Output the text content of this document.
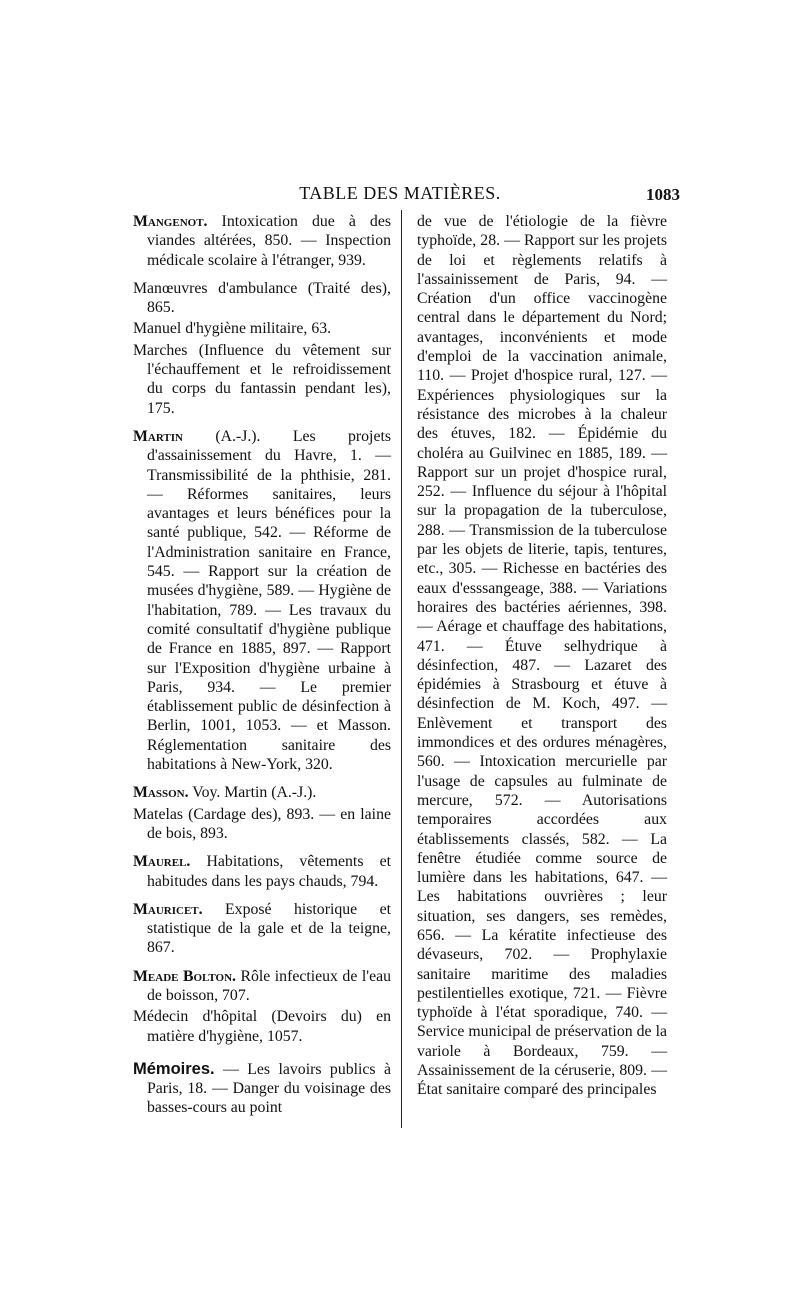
TABLE DES MATIÈRES.	1083

Mangenot. Intoxication due à des viandes altérées, 850. — Inspection médicale scolaire à l'étranger, 939.

Manœuvres d'ambulance (Traité des), 865.

Manuel d'hygiène militaire, 63.

Marches (Influence du vêtement sur l'échauffement et le refroidissement du corps du fantassin pendant les), 175.

Martin (A.-J.). Les projets d'assainissement du Havre, 1. — Transmissibilité de la phthisie, 281. — Réformes sanitaires, leurs avantages et leurs bénéfices pour la santé publique, 542. — Réforme de l'Administration sanitaire en France, 545. — Rapport sur la création de musées d'hygiène, 589. — Hygiène de l'habitation, 789. — Les travaux du comité consultatif d'hygiène publique de France en 1885, 897. — Rapport sur l'Exposition d'hygiène urbaine à Paris, 934. — Le premier établissement public de désinfection à Berlin, 1001, 1053. — et Masson. Réglementation sanitaire des habitations à New-York, 320.

Masson. Voy. Martin (A.-J.).

Matelas (Cardage des), 893. — en laine de bois, 893.

Maurel. Habitations, vêtements et habitudes dans les pays chauds, 794.

Mauricet. Exposé historique et statistique de la gale et de la teigne, 867.

Meade Bolton. Rôle infectieux de l'eau de boisson, 707.

Médecin d'hôpital (Devoirs du) en matière d'hygiène, 1057.

Mémoires. — Les lavoirs publics à Paris, 18. — Danger du voisinage des basses-cours au point

de vue de l'étiologie de la fièvre typhoïde, 28. — Rapport sur les projets de loi et règlements relatifs à l'assainissement de Paris, 94. — Création d'un office vaccinogène central dans le département du Nord; avantages, inconvénients et mode d'emploi de la vaccination animale, 110. — Projet d'hospice rural, 127. — Expériences physiologiques sur la résistance des microbes à la chaleur des étuves, 182. — Épidémie du choléra au Guilvinec en 1885, 189. — Rapport sur un projet d'hospice rural, 252. — Influence du séjour à l'hôpital sur la propagation de la tuberculose, 288. — Transmission de la tuberculose par les objets de literie, tapis, tentures, etc., 305. — Richesse en bactéries des eaux d'esssangeage, 388. — Variations horaires des bactéries aériennes, 398. — Aérage et chauffage des habitations, 471. — Étuve selhydrique à désinfection, 487. — Lazaret des épidémies à Strasbourg et étuve à désinfection de M. Koch, 497. — Enlèvement et transport des immondices et des ordures ménagères, 560. — Intoxication mercurielle par l'usage de capsules au fulminate de mercure, 572. — Autorisations temporaires accordées aux établissements classés, 582. — La fenêtre étudiée comme source de lumière dans les habitations, 647. — Les habitations ouvrières ; leur situation, ses dangers, ses remèdes, 656. — La kératite infectieuse des dévaseurs, 702. — Prophylaxie sanitaire maritime des maladies pestilentielles exotique, 721. — Fièvre typhoïde à l'état sporadique, 740. — Service municipal de préservation de la variole à Bordeaux, 759. — Assainissement de la céruserie, 809. — État sanitaire comparé des principales
